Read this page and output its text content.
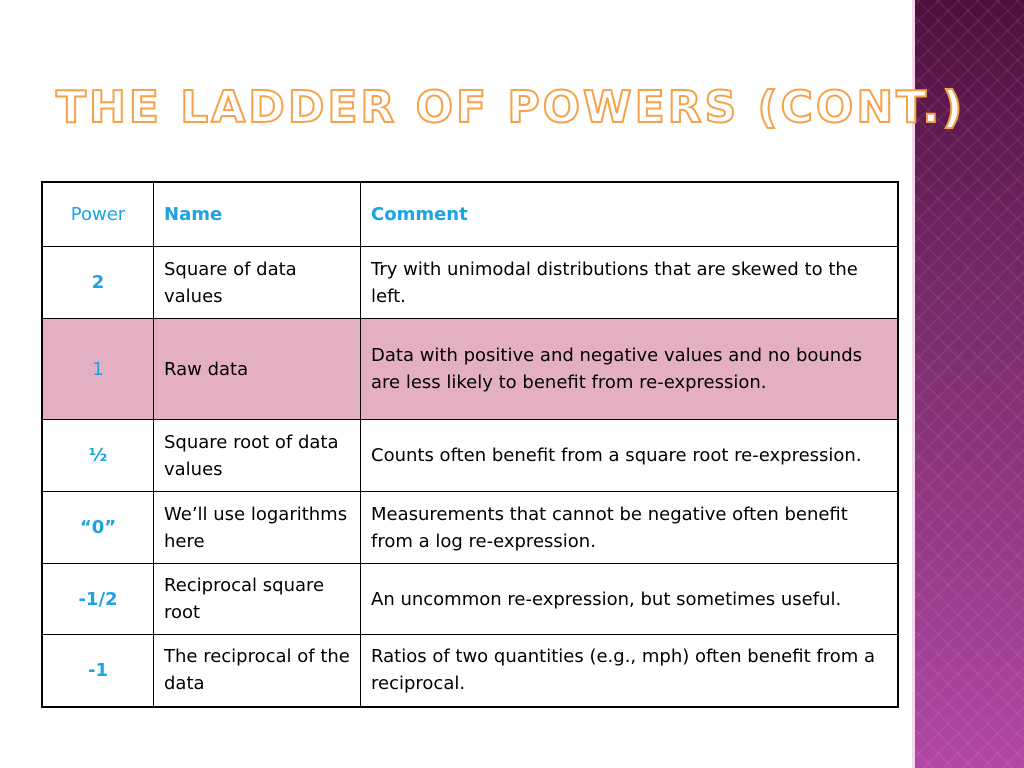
THE LADDER OF POWERS (CONT.)
Power	Name	Comment
2	Square of data values	Try with unimodal distributions that are skewed to the left.
1	Raw data	Data with positive and negative values and no bounds are less likely to benefit from re-expression.
½	Square root of data values	Counts often benefit from a square root re-expression.
“0”	We’ll use logarithms here	Measurements that cannot be negative often benefit from a log re-expression.
-1/2	Reciprocal square root	An uncommon re-expression, but sometimes useful.
-1	The reciprocal of the data	Ratios of two quantities (e.g., mph) often benefit from a reciprocal.
